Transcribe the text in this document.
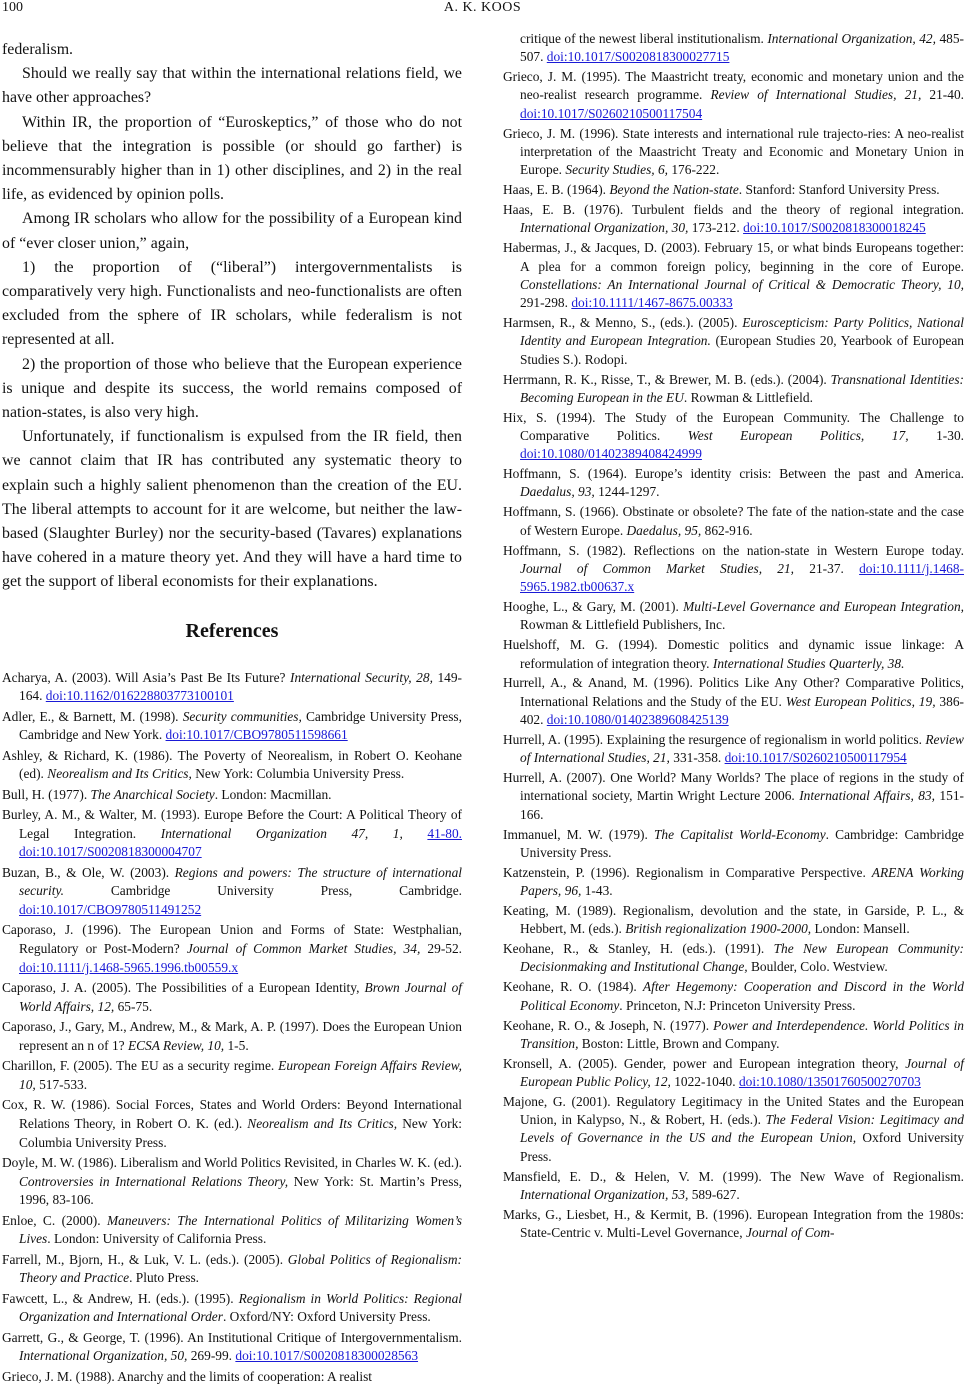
100	A. K. KOOS

federalism.

Should we really say that within the international relations field, we have other approaches?

Within IR, the proportion of “Euroskeptics,” of those who do not believe that the integration is possible (or should go farther) is incommensurably higher than in 1) other disciplines, and 2) in the real life, as evidenced by opinion polls.

Among IR scholars who allow for the possibility of a European kind of “ever closer union,” again,

1) the proportion of (“liberal”) intergovernmentalists is comparatively very high. Functionalists and neo-functionalists are often excluded from the sphere of IR scholars, while federalism is not represented at all.

2) the proportion of those who believe that the European experience is unique and despite its success, the world remains composed of nation-states, is also very high.

Unfortunately, if functionalism is expulsed from the IR field, then we cannot claim that IR has contributed any systematic theory to explain such a highly salient phenomenon than the creation of the EU. The liberal attempts to account for it are welcome, but neither the law-based (Slaughter Burley) nor the security-based (Tavares) explanations have cohered in a mature theory yet. And they will have a hard time to get the support of liberal economists for their explanations.

References

Acharya, A. (2003). Will Asia’s Past Be Its Future? International Security, 28, 149-164. doi:10.1162/016228803773100101

Adler, E., & Barnett, M. (1998). Security communities, Cambridge University Press, Cambridge and New York. doi:10.1017/CBO9780511598661

Ashley, & Richard, K. (1986). The Poverty of Neorealism, in Robert O. Keohane (ed). Neorealism and Its Critics, New York: Columbia University Press.

Bull, H. (1977). The Anarchical Society. London: Macmillan.

Burley, A. M., & Walter, M. (1993). Europe Before the Court: A Political Theory of Legal Integration. International Organization 47, 1, 41-80. doi:10.1017/S0020818300004707

Buzan, B., & Ole, W. (2003). Regions and powers: The structure of international security. Cambridge University Press, Cambridge. doi:10.1017/CBO9780511491252

Caporaso, J. (1996). The European Union and Forms of State: Westphalian, Regulatory or Post-Modern? Journal of Common Market Studies, 34, 29-52. doi:10.1111/j.1468-5965.1996.tb00559.x

Caporaso, J. A. (2005). The Possibilities of a European Identity, Brown Journal of World Affairs, 12, 65-75.

Caporaso, J., Gary, M., Andrew, M., & Mark, A. P. (1997). Does the European Union represent an n of 1? ECSA Review, 10, 1-5.

Charillon, F. (2005). The EU as a security regime. European Foreign Affairs Review, 10, 517-533.

Cox, R. W. (1986). Social Forces, States and World Orders: Beyond International Relations Theory, in Robert O. K. (ed.). Neorealism and Its Critics, New York: Columbia University Press.

Doyle, M. W. (1986). Liberalism and World Politics Revisited, in Charles W. K. (ed.). Controversies in International Relations Theory, New York: St. Martin’s Press, 1996, 83-106.

Enloe, C. (2000). Maneuvers: The International Politics of Militarizing Women’s Lives. London: University of California Press.

Farrell, M., Bjorn, H., & Luk, V. L. (eds.). (2005). Global Politics of Regionalism: Theory and Practice. Pluto Press.

Fawcett, L., & Andrew, H. (eds.). (1995). Regionalism in World Politics: Regional Organization and International Order. Oxford/NY: Oxford University Press.

Garrett, G., & George, T. (1996). An Institutional Critique of Intergovernmentalism. International Organization, 50, 269-99. doi:10.1017/S0020818300028563

Grieco, J. M. (1988). Anarchy and the limits of cooperation: A realist

critique of the newest liberal institutionalism. International Organization, 42, 485-507. doi:10.1017/S0020818300027715

Grieco, J. M. (1995). The Maastricht treaty, economic and monetary union and the neo-realist research programme. Review of International Studies, 21, 21-40. doi:10.1017/S0260210500117504

Grieco, J. M. (1996). State interests and international rule trajecto-ries: A neo-realist interpretation of the Maastricht Treaty and Economic and Monetary Union in Europe. Security Studies, 6, 176-222.

Haas, E. B. (1964). Beyond the Nation-state. Stanford: Stanford University Press.

Haas, E. B. (1976). Turbulent fields and the theory of regional integration. International Organization, 30, 173-212. doi:10.1017/S0020818300018245

Habermas, J., & Jacques, D. (2003). February 15, or what binds Europeans together: A plea for a common foreign policy, beginning in the core of Europe. Constellations: An International Journal of Critical & Democratic Theory, 10, 291-298. doi:10.1111/1467-8675.00333

Harmsen, R., & Menno, S., (eds.). (2005). Euroscepticism: Party Politics, National Identity and European Integration. (European Studies 20, Yearbook of European Studies S.). Rodopi.

Herrmann, R. K., Risse, T., & Brewer, M. B. (eds.). (2004). Transnational Identities: Becoming European in the EU. Rowman & Littlefield.

Hix, S. (1994). The Study of the European Community. The Challenge to Comparative Politics. West European Politics, 17, 1-30. doi:10.1080/01402389408424999

Hoffmann, S. (1964). Europe’s identity crisis: Between the past and America. Daedalus, 93, 1244-1297.

Hoffmann, S. (1966). Obstinate or obsolete? The fate of the nation-state and the case of Western Europe. Daedalus, 95, 862-916.

Hoffmann, S. (1982). Reflections on the nation-state in Western Europe today. Journal of Common Market Studies, 21, 21-37. doi:10.1111/j.1468-5965.1982.tb00637.x

Hooghe, L., & Gary, M. (2001). Multi-Level Governance and European Integration, Rowman & Littlefield Publishers, Inc.

Huelshoff, M. G. (1994). Domestic politics and dynamic issue linkage: A reformulation of integration theory. International Studies Quarterly, 38.

Hurrell, A., & Anand, M. (1996). Politics Like Any Other? Comparative Politics, International Relations and the Study of the EU. West European Politics, 19, 386-402. doi:10.1080/01402389608425139

Hurrell, A. (1995). Explaining the resurgence of regionalism in world politics. Review of International Studies, 21, 331-358. doi:10.1017/S0260210500117954

Hurrell, A. (2007). One World? Many Worlds? The place of regions in the study of international society, Martin Wright Lecture 2006. International Affairs, 83, 151-166.

Immanuel, M. W. (1979). The Capitalist World-Economy. Cambridge: Cambridge University Press.

Katzenstein, P. (1996). Regionalism in Comparative Perspective. ARENA Working Papers, 96, 1-43.

Keating, M. (1989). Regionalism, devolution and the state, in Garside, P. L., & Hebbert, M. (eds.). British regionalization 1900-2000, London: Mansell.

Keohane, R., & Stanley, H. (eds.). (1991). The New European Community: Decisionmaking and Institutional Change, Boulder, Colo. Westview.

Keohane, R. O. (1984). After Hegemony: Cooperation and Discord in the World Political Economy. Princeton, N.J: Princeton University Press.

Keohane, R. O., & Joseph, N. (1977). Power and Interdependence. World Politics in Transition, Boston: Little, Brown and Company.

Kronsell, A. (2005). Gender, power and European integration theory, Journal of European Public Policy, 12, 1022-1040. doi:10.1080/13501760500270703

Majone, G. (2001). Regulatory Legitimacy in the United States and the European Union, in Kalypso, N., & Robert, H. (eds.). The Federal Vision: Legitimacy and Levels of Governance in the US and the European Union, Oxford University Press.

Mansfield, E. D., & Helen, V. M. (1999). The New Wave of Regionalism. International Organization, 53, 589-627.

Marks, G., Liesbet, H., & Kermit, B. (1996). European Integration from the 1980s: State-Centric v. Multi-Level Governance, Journal of Com-
